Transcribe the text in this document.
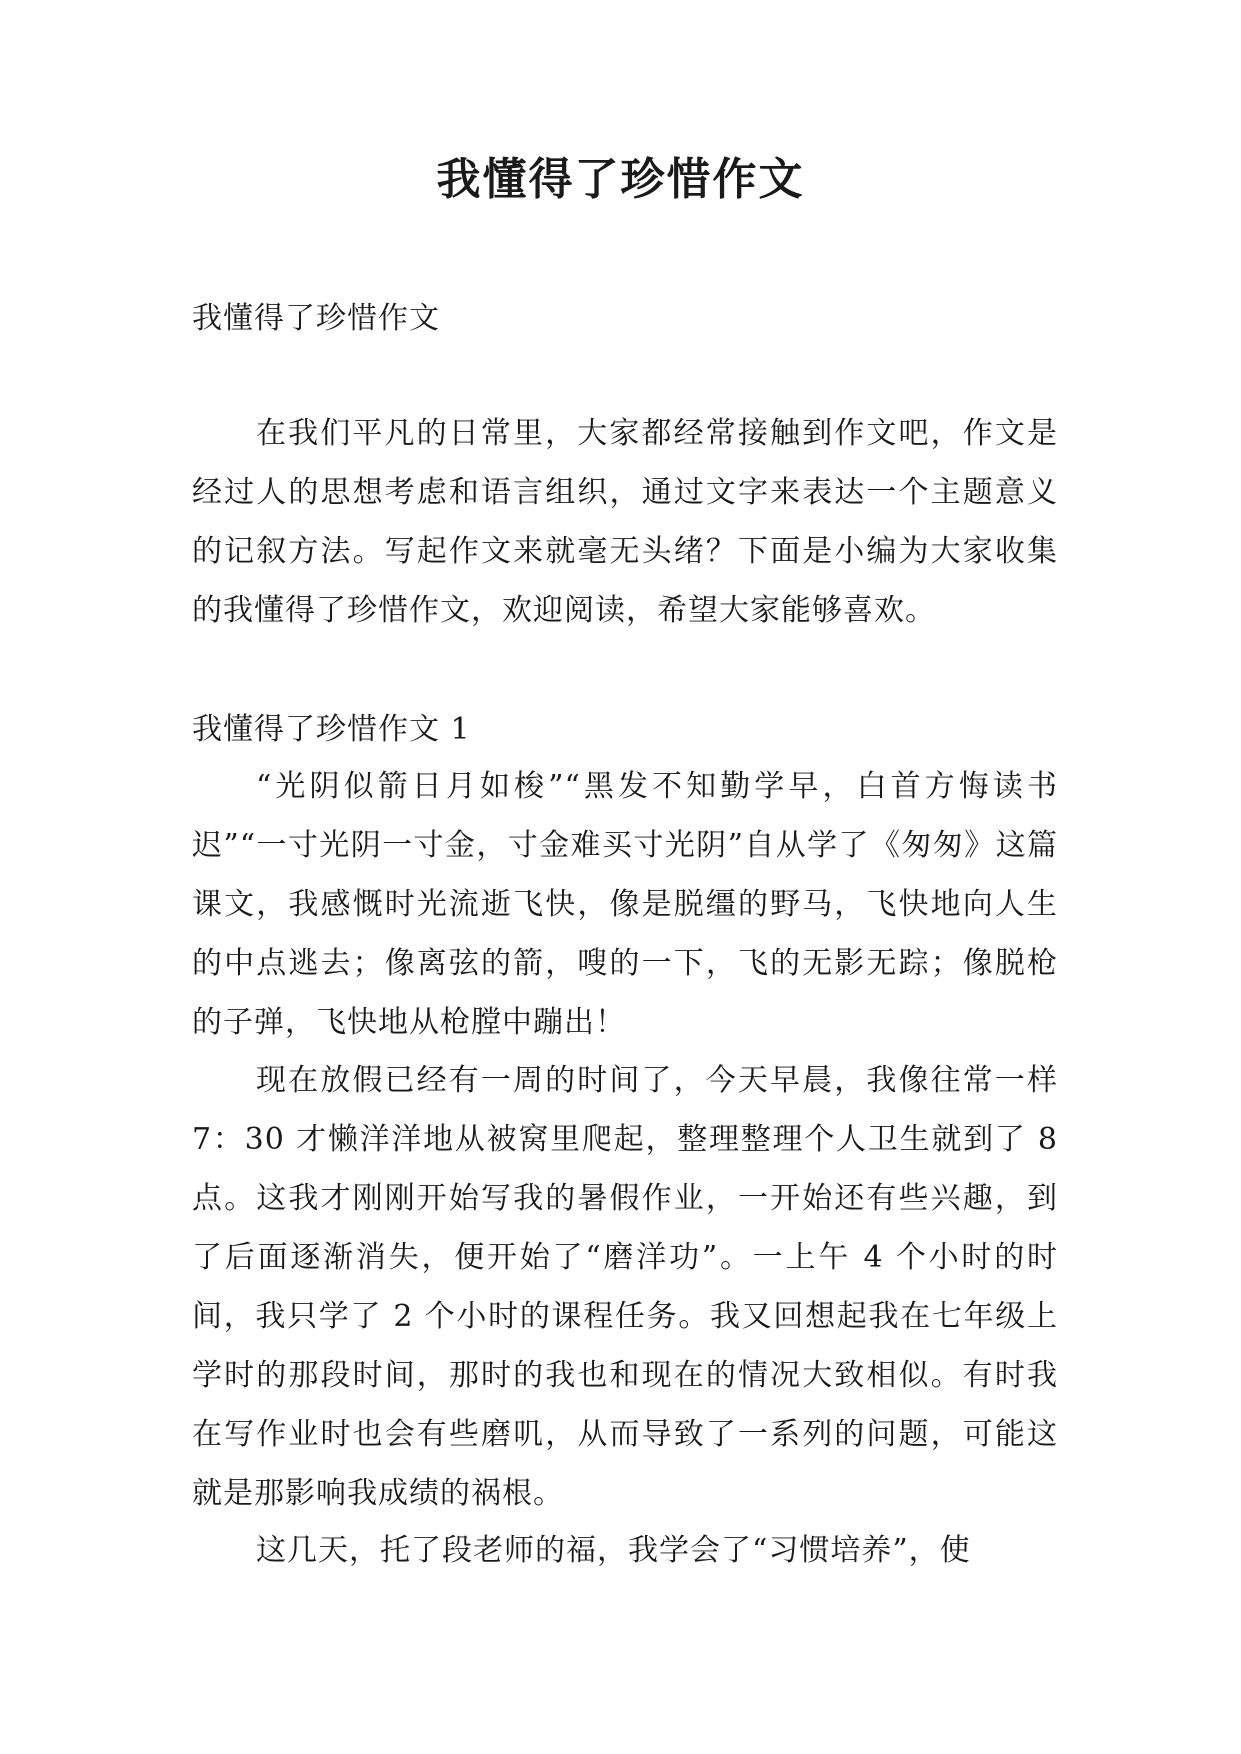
我懂得了珍惜作文

我懂得了珍惜作文

在我们平凡的日常里，大家都经常接触到作文吧，作文是经过人的思想考虑和语言组织，通过文字来表达一个主题意义的记叙方法。写起作文来就毫无头绪？下面是小编为大家收集的我懂得了珍惜作文，欢迎阅读，希望大家能够喜欢。

我懂得了珍惜作文 1

“光阴似箭日月如梭”“黑发不知勤学早，白首方悔读书迟”“一寸光阴一寸金，寸金难买寸光阴”自从学了《匆匆》这篇课文，我感慨时光流逝飞快，像是脱缰的野马，飞快地向人生的中点逃去；像离弦的箭，嗖的一下，飞的无影无踪；像脱枪的子弹，飞快地从枪膛中蹦出！

现在放假已经有一周的时间了，今天早晨，我像往常一样 7：30 才懒洋洋地从被窝里爬起，整理整理个人卫生就到了 8 点。这我才刚刚开始写我的暑假作业，一开始还有些兴趣，到了后面逐渐消失，便开始了“磨洋功”。一上午 4 个小时的时间，我只学了 2 个小时的课程任务。我又回想起我在七年级上学时的那段时间，那时的我也和现在的情况大致相似。有时我在写作业时也会有些磨叽，从而导致了一系列的问题，可能这就是那影响我成绩的祸根。

这几天，托了段老师的福，我学会了“习惯培养”，使
